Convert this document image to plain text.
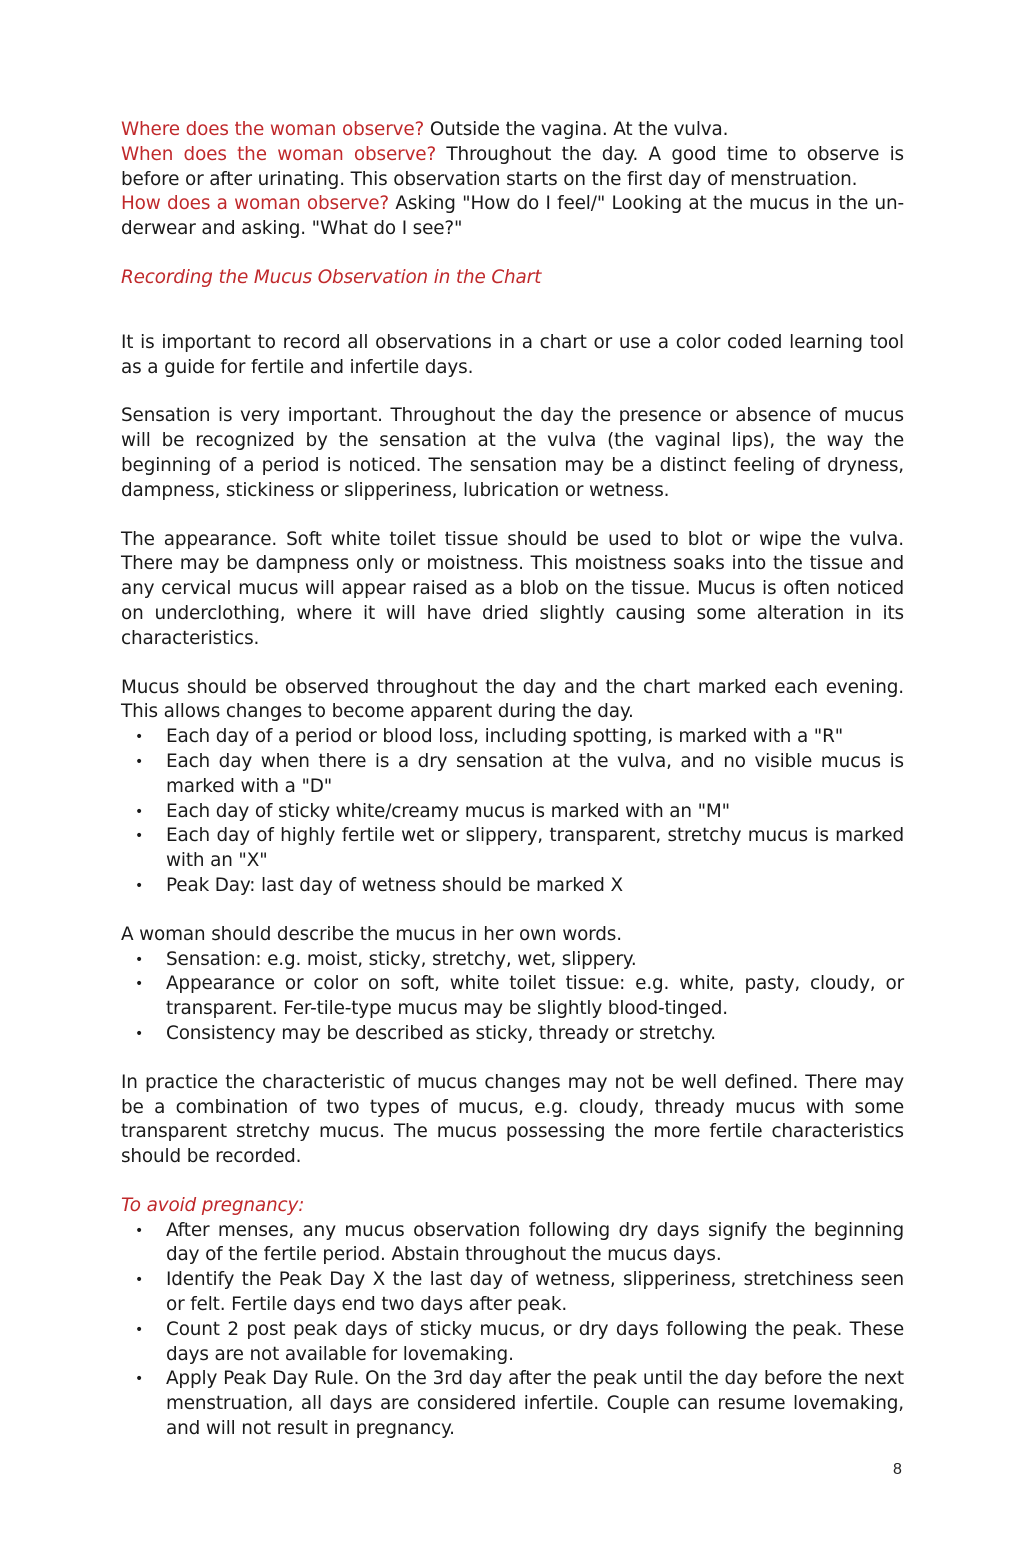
Where does the woman observe? Outside the vagina. At the vulva.

When does the woman observe? Throughout the day. A good time to observe is before or after urinating. This observation starts on the first day of menstruation.

How does a woman observe? Asking "How do I feel/" Looking at the mucus in the un-derwear and asking. "What do I see?"

Recording the Mucus Observation in the Chart

It is important to record all observations in a chart or use a color coded learning tool as a guide for fertile and infertile days.

Sensation is very important. Throughout the day the presence or absence of mucus will be recognized by the sensation at the vulva (the vaginal lips), the way the beginning of a period is noticed. The sensation may be a distinct feeling of dryness, dampness, stickiness or slipperiness, lubrication or wetness.

The appearance. Soft white toilet tissue should be used to blot or wipe the vulva. There may be dampness only or moistness. This moistness soaks into the tissue and any cervical mucus will appear raised as a blob on the tissue. Mucus is often noticed on underclothing, where it will have dried slightly causing some alteration in its characteristics.

Mucus should be observed throughout the day and the chart marked each evening. This allows changes to become apparent during the day.

• Each day of a period or blood loss, including spotting, is marked with a "R"
• Each day when there is a dry sensation at the vulva, and no visible mucus is marked with a "D"
• Each day of sticky white/creamy mucus is marked with an "M"
• Each day of highly fertile wet or slippery, transparent, stretchy mucus is marked with an "X"
• Peak Day: last day of wetness should be marked X

A woman should describe the mucus in her own words.

• Sensation: e.g. moist, sticky, stretchy, wet, slippery.
• Appearance or color on soft, white toilet tissue: e.g. white, pasty, cloudy, or transparent. Fer-tile-type mucus may be slightly blood-tinged.
• Consistency may be described as sticky, thready or stretchy.

In practice the characteristic of mucus changes may not be well defined. There may be a combination of two types of mucus, e.g. cloudy, thready mucus with some transparent stretchy mucus. The mucus possessing the more fertile characteristics should be recorded.

To avoid pregnancy:

• After menses, any mucus observation following dry days signify the beginning day of the fertile period. Abstain throughout the mucus days.
• Identify the Peak Day X the last day of wetness, slipperiness, stretchiness seen or felt. Fertile days end two days after peak.
• Count 2 post peak days of sticky mucus, or dry days following the peak. These days are not available for lovemaking.
• Apply Peak Day Rule. On the 3rd day after the peak until the day before the next menstruation, all days are considered infertile. Couple can resume lovemaking, and will not result in pregnancy.
8
